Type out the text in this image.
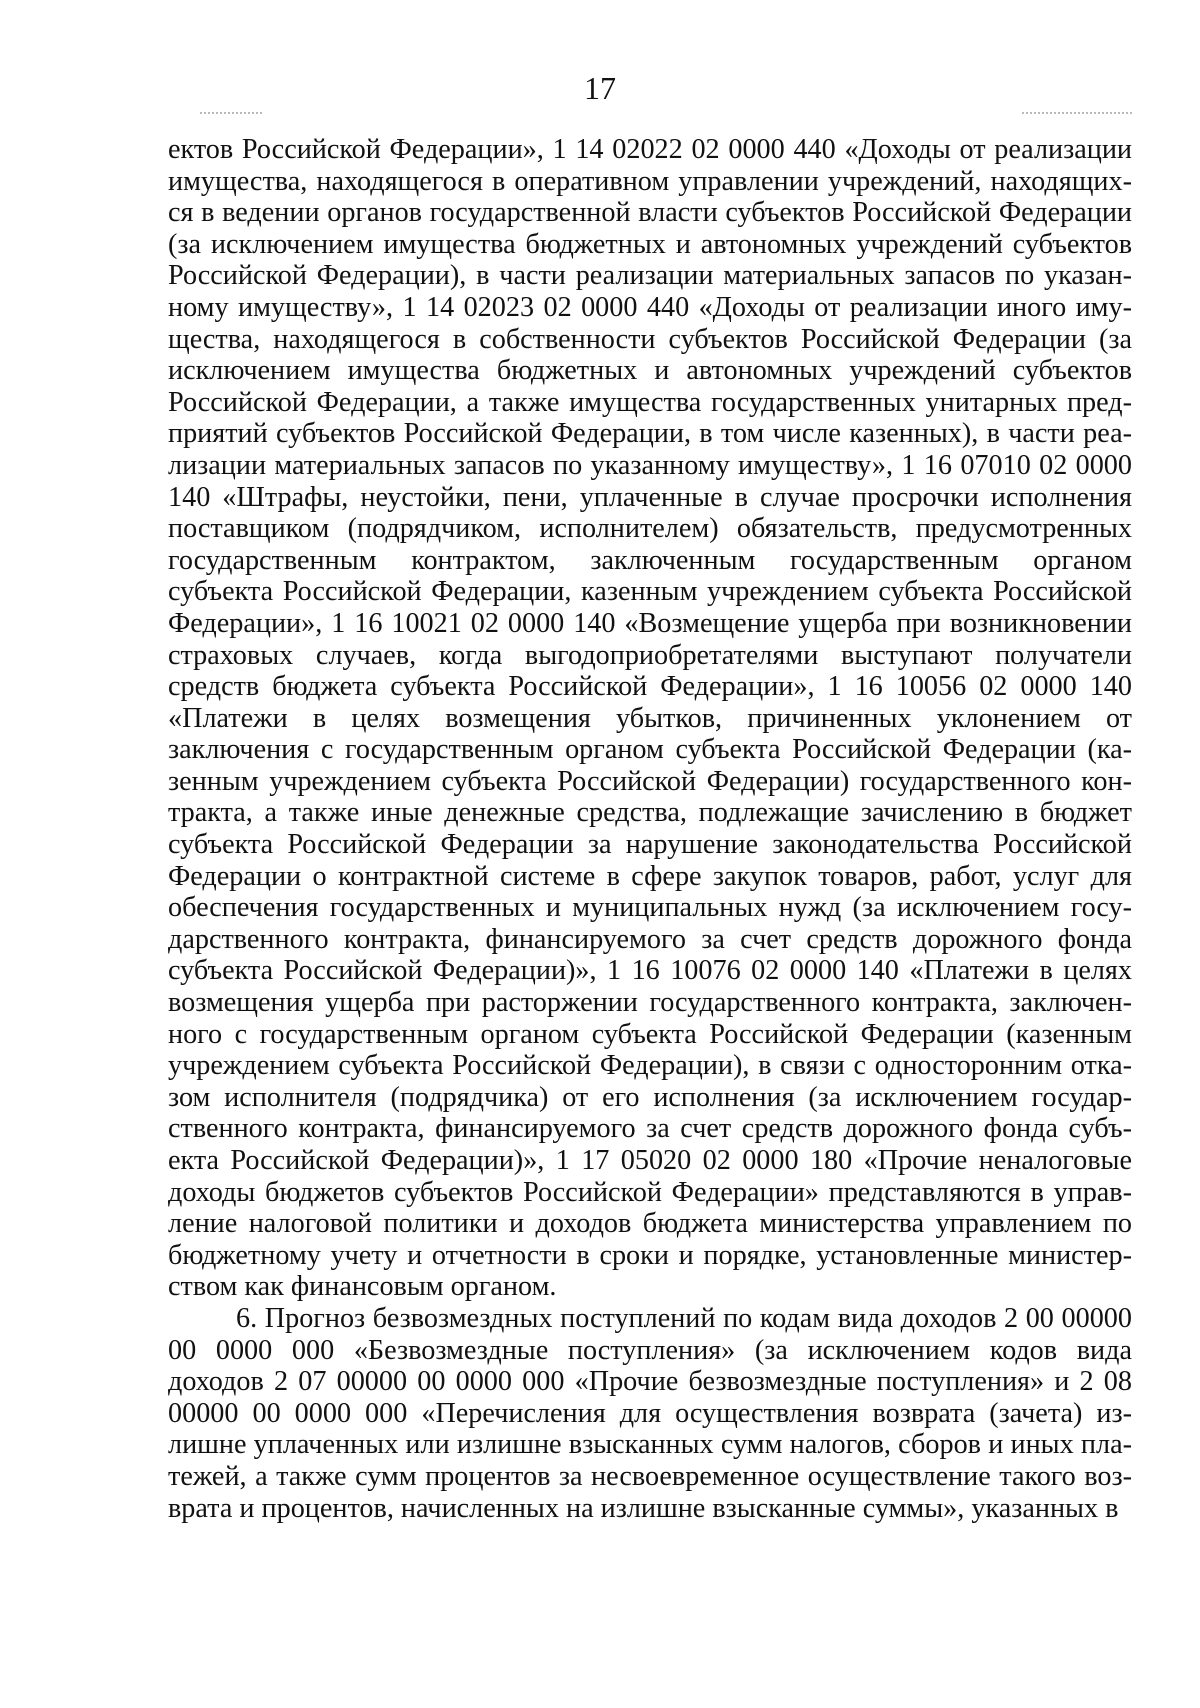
17

ектов Российской Федерации», 1 14 02022 02 0000 440 «Доходы от реализации имущества, находящегося в оперативном управлении учреждений, находящихся в ведении органов государственной власти субъектов Российской Федерации (за исключением имущества бюджетных и автономных учреждений субъектов Российской Федерации), в части реализации материальных запасов по указанному имуществу», 1 14 02023 02 0000 440 «Доходы от реализации иного имущества, находящегося в собственности субъектов Российской Федерации (за исключением имущества бюджетных и автономных учреждений субъектов Российской Федерации, а также имущества государственных унитарных предприятий субъектов Российской Федерации, в том числе казенных), в части реализации материальных запасов по указанному имуществу», 1 16 07010 02 0000 140 «Штрафы, неустойки, пени, уплаченные в случае просрочки исполнения поставщиком (подрядчиком, исполнителем) обязательств, предусмотренных государственным контрактом, заключенным государственным органом субъекта Российской Федерации, казенным учреждением субъекта Российской Федерации», 1 16 10021 02 0000 140 «Возмещение ущерба при возникновении страховых случаев, когда выгодоприобретателями выступают получатели средств бюджета субъекта Российской Федерации», 1 16 10056 02 0000 140 «Платежи в целях возмещения убытков, причиненных уклонением от заключения с государственным органом субъекта Российской Федерации (казенным учреждением субъекта Российской Федерации) государственного контракта, а также иные денежные средства, подлежащие зачислению в бюджет субъекта Российской Федерации за нарушение законодательства Российской Федерации о контрактной системе в сфере закупок товаров, работ, услуг для обеспечения государственных и муниципальных нужд (за исключением государственного контракта, финансируемого за счет средств дорожного фонда субъекта Российской Федерации)», 1 16 10076 02 0000 140 «Платежи в целях возмещения ущерба при расторжении государственного контракта, заключенного с государственным органом субъекта Российской Федерации (казенным учреждением субъекта Российской Федерации), в связи с односторонним отказом исполнителя (подрядчика) от его исполнения (за исключением государственного контракта, финансируемого за счет средств дорожного фонда субъекта Российской Федерации)», 1 17 05020 02 0000 180 «Прочие неналоговые доходы бюджетов субъектов Российской Федерации» представляются в управление налоговой политики и доходов бюджета министерства управлением по бюджетному учету и отчетности в сроки и порядке, установленные министерством как финансовым органом.

6. Прогноз безвозмездных поступлений по кодам вида доходов 2 00 00000 00 0000 000 «Безвозмездные поступления» (за исключением кодов вида доходов 2 07 00000 00 0000 000 «Прочие безвозмездные поступления» и 2 08 00000 00 0000 000 «Перечисления для осуществления возврата (зачета) излишне уплаченных или излишне взысканных сумм налогов, сборов и иных платежей, а также сумм процентов за несвоевременное осуществление такого возврата и процентов, начисленных на излишне взысканные суммы», указанных в
